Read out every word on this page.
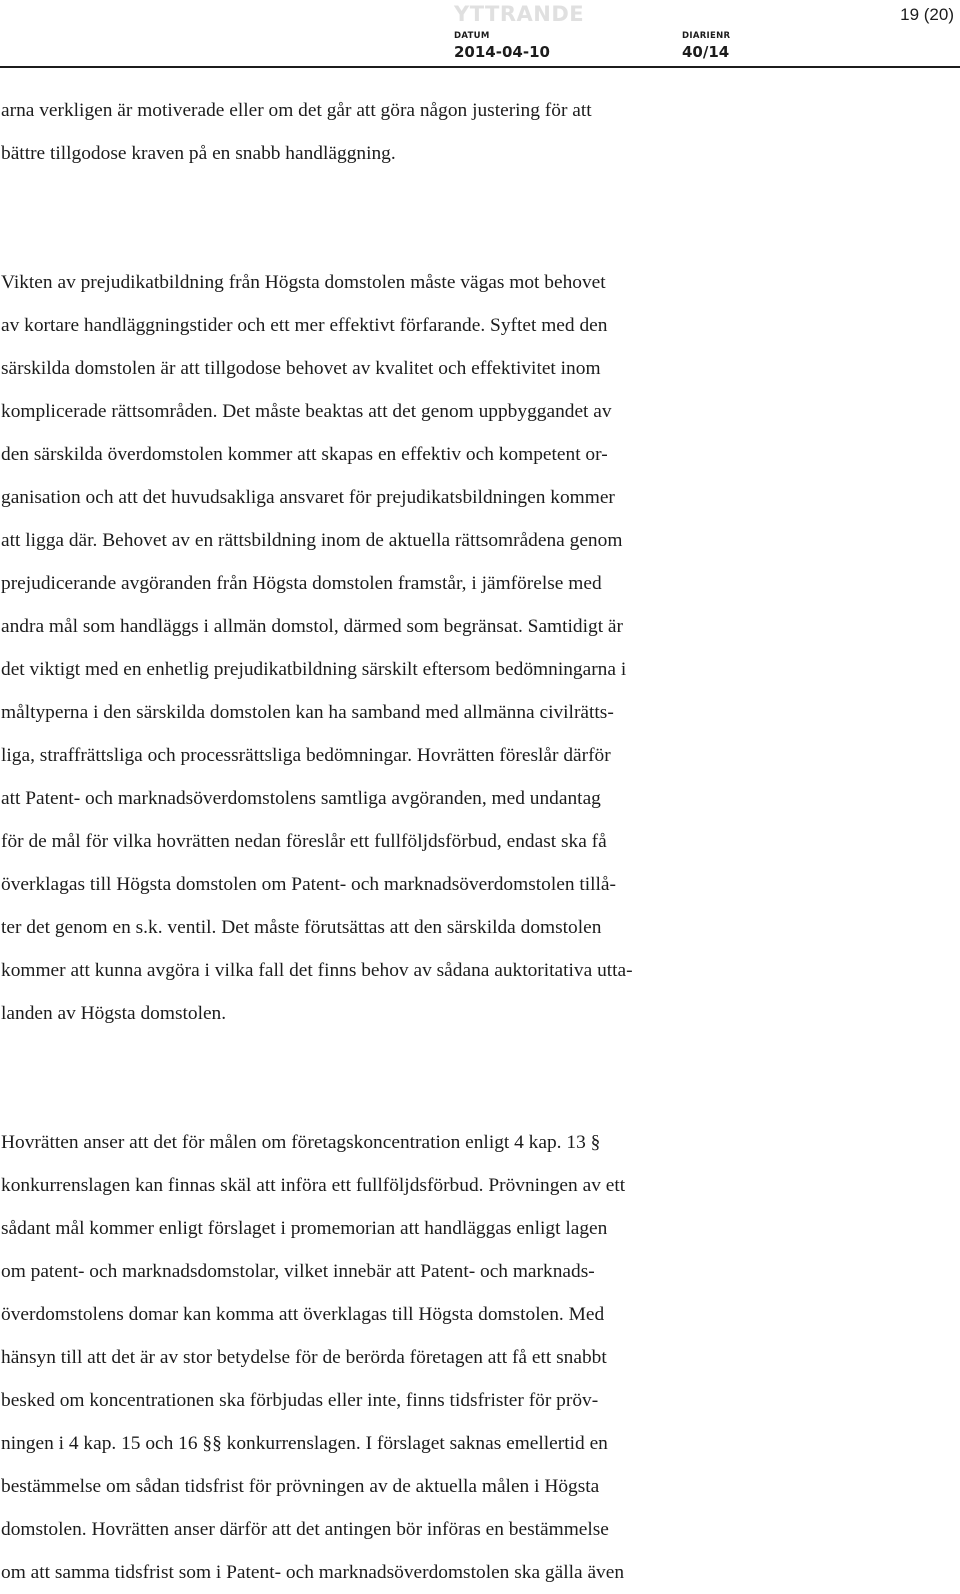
YTTRANDE	19 (20)
DATUM
2014-04-10
DIARIENR
40/14
arna verkligen är motiverade eller om det går att göra någon justering för att
bättre tillgodose kraven på en snabb handläggning.
Vikten av prejudikatbildning från Högsta domstolen måste vägas mot behovet
av kortare handläggningstider och ett mer effektivt förfarande. Syftet med den
särskilda domstolen är att tillgodose behovet av kvalitet och effektivitet inom
komplicerade rättsområden. Det måste beaktas att det genom uppbyggandet av
den särskilda överdomstolen kommer att skapas en effektiv och kompetent or-
ganisation och att det huvudsakliga ansvaret för prejudikatsbildningen kommer
att ligga där. Behovet av en rättsbildning inom de aktuella rättsområdena genom
prejudicerande avgöranden från Högsta domstolen framstår, i jämförelse med
andra mål som handläggs i allmän domstol, därmed som begränsat. Samtidigt är
det viktigt med en enhetlig prejudikatbildning särskilt eftersom bedömningarna i
måltyperna i den särskilda domstolen kan ha samband med allmänna civilrätts-
liga, straffrättsliga och processrättsliga bedömningar. Hovrätten föreslår därför
att Patent- och marknadsöverdomstolens samtliga avgöranden, med undantag
för de mål för vilka hovrätten nedan föreslår ett fullföljdsförbud, endast ska få
överklagas till Högsta domstolen om Patent- och marknadsöverdomstolen tillå-
ter det genom en s.k. ventil. Det måste förutsättas att den särskilda domstolen
kommer att kunna avgöra i vilka fall det finns behov av sådana auktoritativa utta-
landen av Högsta domstolen.
Hovrätten anser att det för målen om företagskoncentration enligt 4 kap. 13 §
konkurrenslagen kan finnas skäl att införa ett fullföljdsförbud. Prövningen av ett
sådant mål kommer enligt förslaget i promemorian att handläggas enligt lagen
om patent- och marknadsdomstolar, vilket innebär att Patent- och marknads-
överdomstolens domar kan komma att överklagas till Högsta domstolen. Med
hänsyn till att det är av stor betydelse för de berörda företagen att få ett snabbt
besked om koncentrationen ska förbjudas eller inte, finns tidsfrister för pröv-
ningen i 4 kap. 15 och 16 §§ konkurrenslagen. I förslaget saknas emellertid en
bestämmelse om sådan tidsfrist för prövningen av de aktuella målen i Högsta
domstolen. Hovrätten anser därför att det antingen bör införas en bestämmelse
om att samma tidsfrist som i Patent- och marknadsöverdomstolen ska gälla även
